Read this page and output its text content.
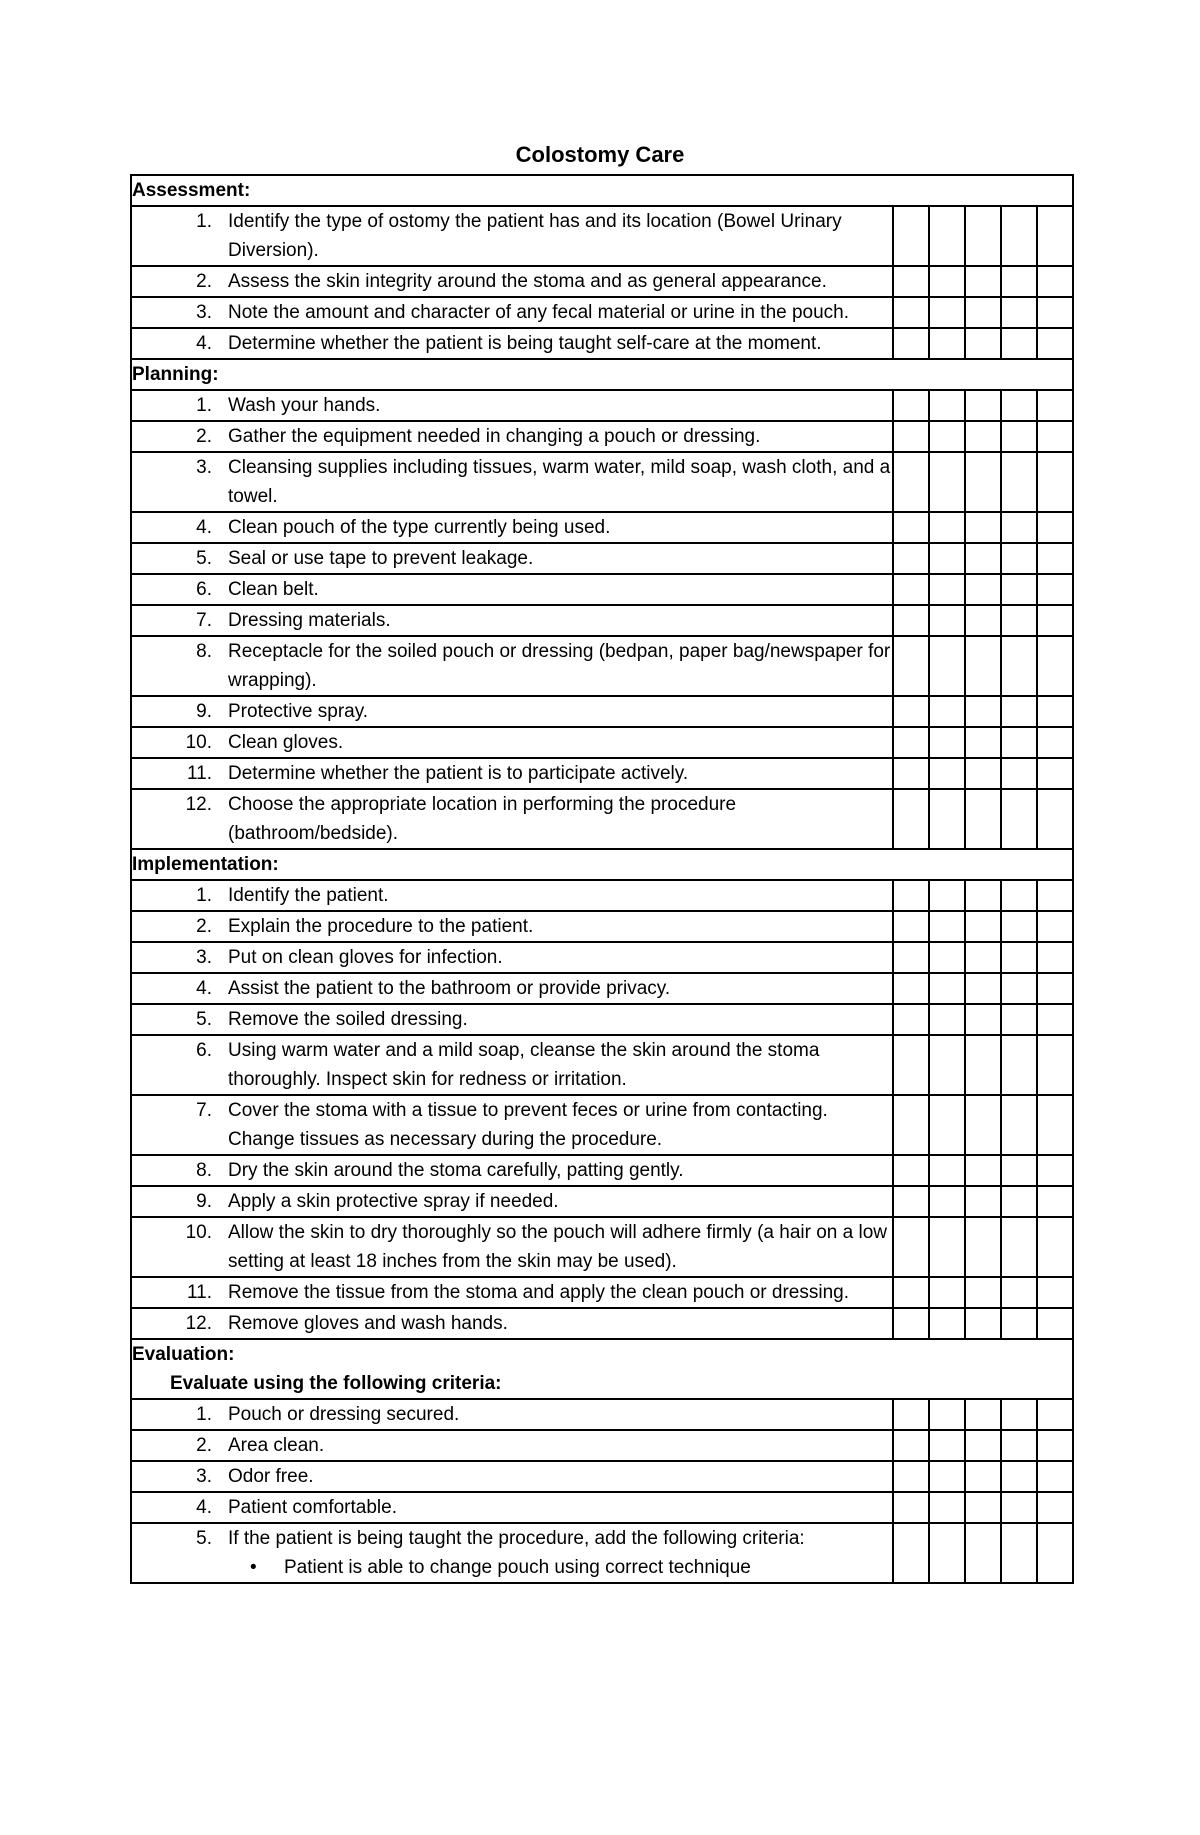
Colostomy Care
Assessment:					

1. Identify the type of ostomy the patient has and its location (Bowel Urinary Diversion).					

2. Assess the skin integrity around the stoma and as general appearance.					

3. Note the amount and character of any fecal material or urine in the pouch.					

4. Determine whether the patient is being taught self-care at the moment.					

Planning:					

1. Wash your hands.					

2. Gather the equipment needed in changing a pouch or dressing.					

3. Cleansing supplies including tissues, warm water, mild soap, wash cloth, and a towel.					

4. Clean pouch of the type currently being used.					

5. Seal or use tape to prevent leakage.					

6. Clean belt.					

7. Dressing materials.					

8. Receptacle for the soiled pouch or dressing (bedpan, paper bag/newspaper for wrapping).					

9. Protective spray.					

10. Clean gloves.					

11. Determine whether the patient is to participate actively.					

12. Choose the appropriate location in performing the procedure (bathroom/bedside).					

Implementation:					

1. Identify the patient.					

2. Explain the procedure to the patient.					

3. Put on clean gloves for infection.					

4. Assist the patient to the bathroom or provide privacy.					

5. Remove the soiled dressing.					

6. Using warm water and a mild soap, cleanse the skin around the stoma thoroughly. Inspect skin for redness or irritation.					

7. Cover the stoma with a tissue to prevent feces or urine from contacting. Change tissues as necessary during the procedure.					

8. Dry the skin around the stoma carefully, patting gently.					

9. Apply a skin protective spray if needed.					

10. Allow the skin to dry thoroughly so the pouch will adhere firmly (a hair on a low setting at least 18 inches from the skin may be used).					

11. Remove the tissue from the stoma and apply the clean pouch or dressing.					

12. Remove gloves and wash hands.					

Evaluation:
Evaluate using the following criteria:					

1. Pouch or dressing secured.					

2. Area clean.					

3. Odor free.					

4. Patient comfortable.					

5. If the patient is being taught the procedure, add the following criteria:
• Patient is able to change pouch using correct technique					
